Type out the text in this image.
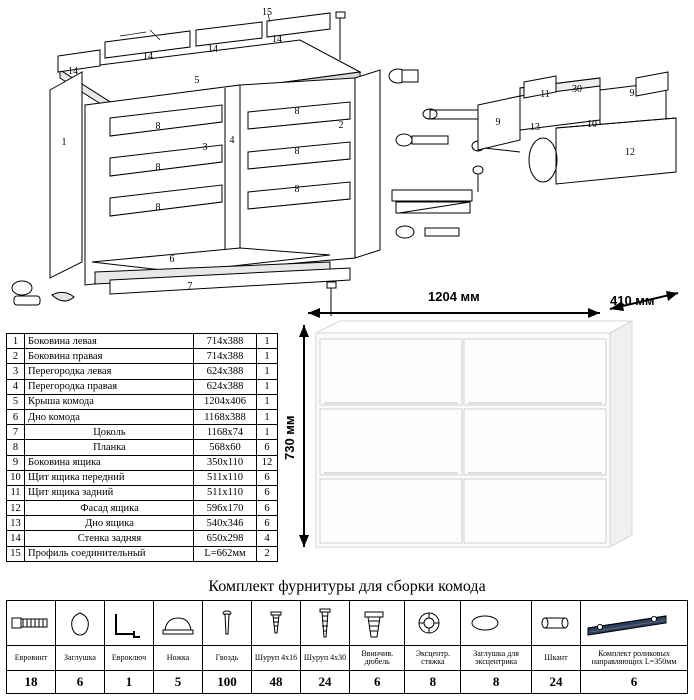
15
14
14
14
14
5
1
2
3
4
6
7
8
8
8
8
8
8
9
9
11 30
13	10
12
1	Боковина левая	714х388	1
2	Боковина правая	714х388	1
3	Перегородка левая	624х388	1
4	Перегородка правая	624х388	1
5	Крыша комода	1204х406	1
6	Дно комода	1168х388	1
7	Цоколь	1168х74	1
8	Планка	568х60	6
9	Боковина ящика	350х110	12
10	Щит ящика передний	511х110	6
11	Щит ящика задний	511х110	6
12	Фасад ящика	596х170	6
13	Дно ящика	540х346	6
14	Стенка задняя	650х298	4
15	Профиль соединительный	L=662мм	2
1204 мм	410 мм
730 мм
Комплект фурнитуры для сборки комода

Евровинт	Заглушка	Евроключ	Ножка	Гвоздь	Шуруп 4х16	Шуруп 4х30	Ввинчив. дюбель	Эксцентр. стяжка	Заглушка для эксцентрика	Шкант	Комплект роликовых направляющих L=350мм
18	6	1	5	100	48	24	6	8	8	24	6
